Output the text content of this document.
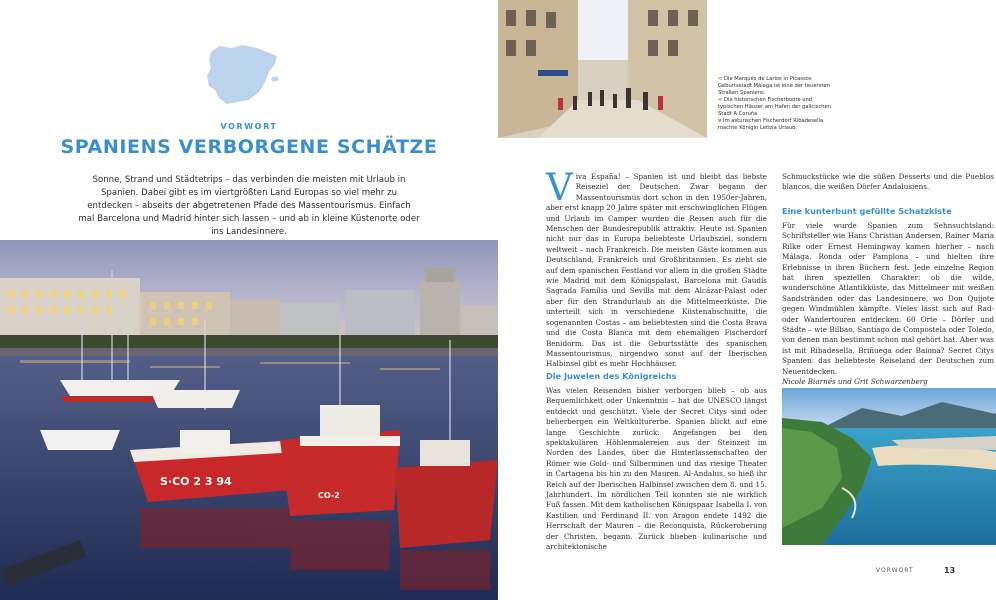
VORWORT
SPANIENS VERBORGENE SCHÄTZE
Sonne, Strand und Städtetrips – das verbinden die meisten mit Urlaub in Spanien. Dabei gibt es im viertgrößten Land Europas so viel mehr zu entdecken – abseits der abgetretenen Pfade des Massentourismus. Einfach mal Barcelona und Madrid hinter sich lassen – und ab in kleine Küstenorte oder ins Landesinnere.
S·CO 2 3 94
CO-2
< Die Marqués de Larios in Picassos Geburtsstadt Málaga ist eine der teuersten Straßen Spaniens.
< Die historischen Fischerboote und typischen Häuser am Hafen der galicischen Stadt A Coruña
v Im asturischen Fischerdorf Ribadesella machte Königin Letizia Urlaub.

Viva España! – Spanien ist und bleibt das liebste Reiseziel der Deutschen. Zwar begann der Massentourismus dort schon in den 1950er-Jahren, aber erst knapp 20 Jahre später mit erschwinglichen Flügen und Urlaub im Camper wurden die Reisen auch für die Menschen der Bundesrepublik attraktiv. Heute ist Spanien nicht nur das in Europa beliebteste Urlaubsziel, sondern weltweit – nach Frankreich. Die meisten Gäste kommen aus Deutschland, Frankreich und Großbritannien. Es zieht sie auf dem spanischen Festland vor allem in die großen Städte wie Madrid mit dem Königspalast, Barcelona mit Gaudís Sagrada Família und Sevilla mit dem Alcázar-Palast oder aber für den Strandurlaub an die Mittelmeerküste. Die unterteilt sich in verschiedene Küstenabschnitte, die sogenannten Costas – am beliebtesten sind die Costa Brava und die Costa Blanca mit dem ehemaligen Fischerdorf Benidorm. Das ist die Geburtsstätte des spanischen Massentourismus, nirgendwo sonst auf der Iberischen Halbinsel gibt es mehr Hochhäuser.

Die Juwelen des Königreichs

Was vielen Reisenden bisher verborgen blieb – ob aus Bequemlichkeit oder Unkenntnis – hat die UNESCO längst entdeckt und geschützt. Viele der Secret Citys sind oder beherbergen ein Weltkulturerbe. Spanien blickt auf eine lange Geschichte zurück: Angefangen bei den spektakulären Höhlenmalereien aus der Steinzeit im Norden des Landes, über die Hinterlassenschaften der Römer wie Gold- und Silberminen und das riesige Theater in Cartagena bis hin zu den Mauren. Al-Andalus, so hieß ihr Reich auf der Iberischen Halbinsel zwischen dem 8. und 15. Jahrhundert. Im nördlichen Teil konnten sie nie wirklich Fuß fassen. Mit dem katholischen Königspaar Isabella I. von Kastilien und Ferdinand II. von Aragon endete 1492 die Herrschaft der Mauren – die Reconquista, Rückeroberung der Christen, begann. Zurück blieben kulinarische und architektonische

Schmuckstücke wie die süßen Desserts und die Pueblos blancos, die weißen Dörfer Andalusiens.

Eine kunterbunt gefüllte Schatzkiste

Für viele wurde Spanien zum Sehnsuchtsland: Schriftsteller wie Hans Christian Andersen, Rainer Maria Rilke oder Ernest Hemingway kamen hierher – nach Málaga, Ronda oder Pamplona – und hielten ihre Erlebnisse in ihren Büchern fest. Jede einzelne Region hat ihren speziellen Charakter: ob die wilde, wunderschöne Atlantikküste, das Mittelmeer mit weißen Sandstränden oder das Landesinnere, wo Don Quijote gegen Windmühlen kämpfte. Vieles lässt sich auf Rad- oder Wandertouren entdecken. 60 Orte – Dörfer und Städte – wie Bilbao, Santiago de Compostela oder Toledo, von denen man bestimmt schon mal gehört hat. Aber was ist mit Ribadesella, Briñuega oder Baiona? Secret Citys Spanien: das beliebteste Reiseland der Deutschen zum Neuentdecken.
Nicole Biarnés und Grit Schwarzenberg

VORWORT	13
